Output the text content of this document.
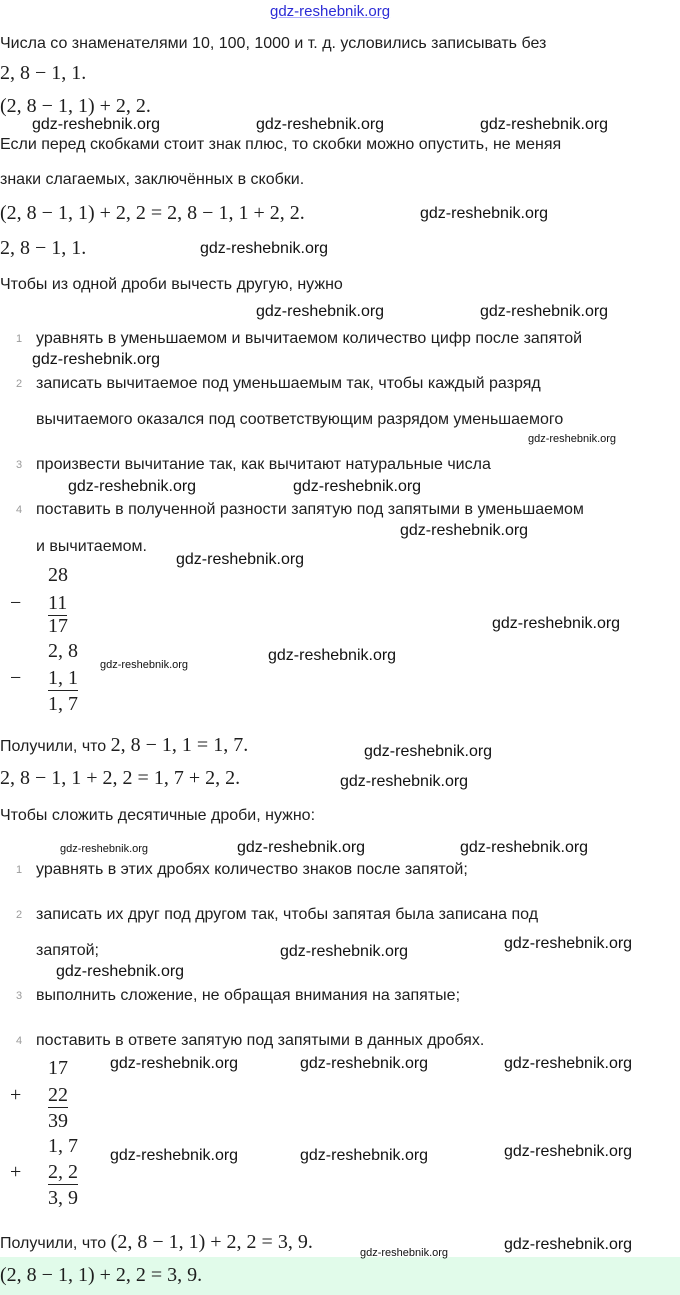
Числа со знаменателями 10, 100, 1000 и т. д. условились записывать без
2, 8 − 1, 1.
(2, 8 − 1, 1) + 2, 2.
Если перед скобками стоит знак плюс, то скобки можно опустить, не меняя
знаки слагаемых, заключённых в скобки.
(2, 8 − 1, 1) + 2, 2 = 2, 8 − 1, 1 + 2, 2.
2, 8 − 1, 1.
Чтобы из одной дроби вычесть другую, нужно
1 уравнять в уменьшаемом и вычитаемом количество цифр после запятой
2 записать вычитаемое под уменьшаемым так, чтобы каждый разряд
вычитаемого оказался под соответствующим разрядом уменьшаемого
3 произвести вычитание так, как вычитают натуральные числа
4 поставить в полученной разности запятую под запятыми в уменьшаемом
и вычитаемом.
28
− 11
17
2, 8
− 1, 1
1, 7
Получили, что 2, 8 − 1, 1 = 1, 7.
2, 8 − 1, 1 + 2, 2 = 1, 7 + 2, 2.
Чтобы сложить десятичные дроби, нужно:
1 уравнять в этих дробях количество знаков после запятой;
2 записать их друг под другом так, чтобы запятая была записана под
запятой;
3 выполнить сложение, не обращая внимания на запятые;
4 поставить в ответе запятую под запятыми в данных дробях.
17
+ 22
39
1, 7
+ 2, 2
3, 9
Получили, что (2, 8 − 1, 1) + 2, 2 = 3, 9.
(2, 8 − 1, 1) + 2, 2 = 3, 9.
gdz-reshebnik.org
gdz-reshebnik.org	gdz-reshebnik.org	gdz-reshebnik.org
gdz-reshebnik.org
gdz-reshebnik.org
gdz-reshebnik.org	gdz-reshebnik.org
gdz-reshebnik.org
gdz-reshebnik.org
gdz-reshebnik.org
gdz-reshebnik.org
gdz-reshebnik.org
gdz-reshebnik.org
gdz-reshebnik.org
gdz-reshebnik.org
gdz-reshebnik.org
gdz-reshebnik.org
gdz-reshebnik.org
gdz-reshebnik.org
gdz-reshebnik.org	gdz-reshebnik.org
gdz-reshebnik.org
gdz-reshebnik.org
gdz-reshebnik.org
gdz-reshebnik.org	gdz-reshebnik.org	gdz-reshebnik.org
gdz-reshebnik.org	gdz-reshebnik.org	gdz-reshebnik.org
gdz-reshebnik.org	gdz-reshebnik.org
